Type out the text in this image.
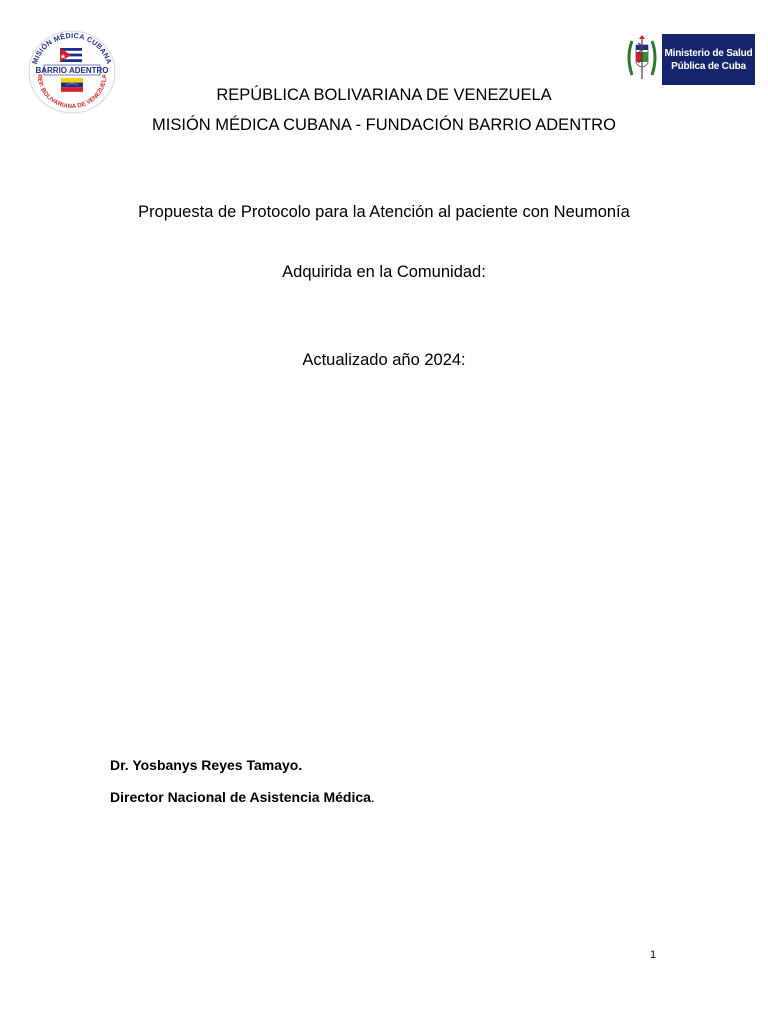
MISIÓN MÉDICA CUBANA
REP. BOLIVARIANA DE VENEZUELA
BARRIO ADENTRO
Ministerio de Salud
Pública de Cuba
REPÚBLICA BOLIVARIANA DE VENEZUELA
MISIÓN MÉDICA CUBANA - FUNDACIÓN BARRIO ADENTRO
Propuesta de Protocolo para la Atención al paciente con Neumonía
Adquirida en la Comunidad:
Actualizado año 2024:
Dr. Yosbanys Reyes Tamayo.
Director Nacional de Asistencia Médica.
1
